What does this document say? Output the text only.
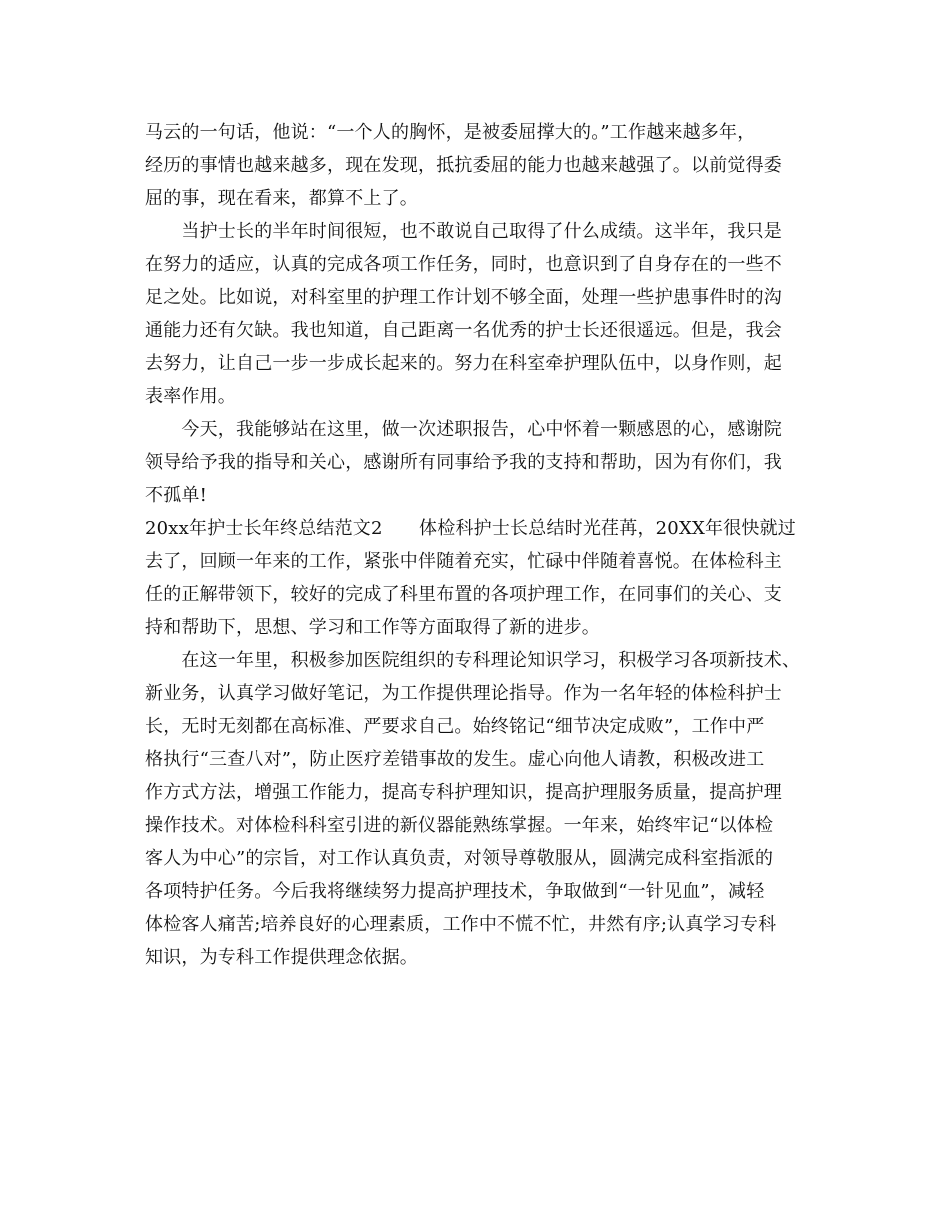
马云的一句话，他说：“一个人的胸怀，是被委屈撑大的。”工作越来越多年，
经历的事情也越来越多，现在发现，抵抗委屈的能力也越来越强了。以前觉得委
屈的事，现在看来，都算不上了。
　　当护士长的半年时间很短，也不敢说自己取得了什么成绩。这半年，我只是
在努力的适应，认真的完成各项工作任务，同时，也意识到了自身存在的一些不
足之处。比如说，对科室里的护理工作计划不够全面，处理一些护患事件时的沟
通能力还有欠缺。我也知道，自己距离一名优秀的护士长还很遥远。但是，我会
去努力，让自己一步一步成长起来的。努力在科室牵护理队伍中，以身作则，起
表率作用。
　　今天，我能够站在这里，做一次述职报告，心中怀着一颗感恩的心，感谢院
领导给予我的指导和关心，感谢所有同事给予我的支持和帮助，因为有你们，我
不孤单!
20xx年护士长年终总结范文2　　体检科护士长总结时光荏苒，20XX年很快就过
去了，回顾一年来的工作，紧张中伴随着充实，忙碌中伴随着喜悦。在体检科主
任的正解带领下，较好的完成了科里布置的各项护理工作，在同事们的关心、支
持和帮助下，思想、学习和工作等方面取得了新的进步。
　　在这一年里，积极参加医院组织的专科理论知识学习，积极学习各项新技术、
新业务，认真学习做好笔记，为工作提供理论指导。作为一名年轻的体检科护士
长，无时无刻都在高标准、严要求自己。始终铭记“细节决定成败”，工作中严
格执行“三查八对”，防止医疗差错事故的发生。虚心向他人请教，积极改进工
作方式方法，增强工作能力，提高专科护理知识，提高护理服务质量，提高护理
操作技术。对体检科科室引进的新仪器能熟练掌握。一年来，始终牢记“以体检
客人为中心”的宗旨，对工作认真负责，对领导尊敬服从，圆满完成科室指派的
各项特护任务。今后我将继续努力提高护理技术，争取做到“一针见血”，减轻
体检客人痛苦;培养良好的心理素质，工作中不慌不忙，井然有序;认真学习专科
知识，为专科工作提供理念依据。
